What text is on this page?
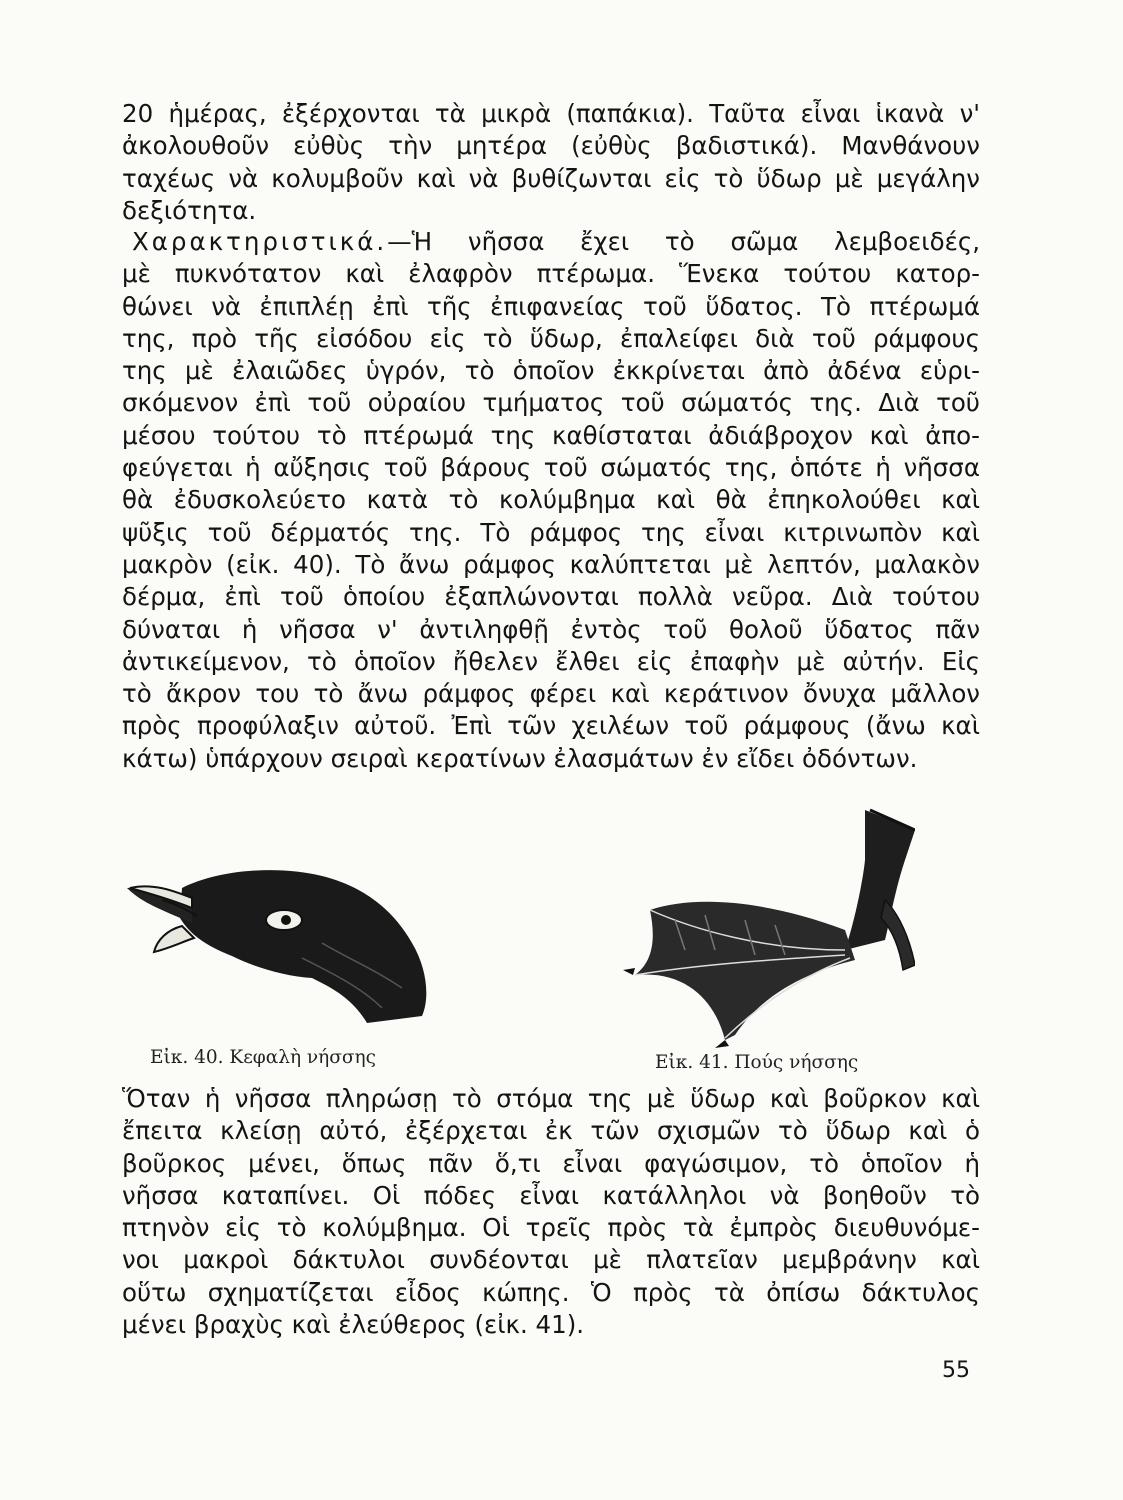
20 ἡμέρας, ἐξέρχονται τὰ μικρὰ (παπάκια). Ταῦτα εἶναι ἱκανὰ ν'
ἀκολουθοῦν εὐθὺς τὴν μητέρα (εὐθὺς βαδιστικά). Μανθάνουν
ταχέως νὰ κολυμβοῦν καὶ νὰ βυθίζωνται εἰς τὸ ὕδωρ μὲ μεγάλην
δεξιότητα.
Χαρακτηριστικά.—Ἡ νῆσσα ἔχει τὸ σῶμα λεμβοειδές,
μὲ πυκνότατον καὶ ἐλαφρὸν πτέρωμα. Ἕνεκα τούτου κατορ-
θώνει νὰ ἐπιπλέῃ ἐπὶ τῆς ἐπιφανείας τοῦ ὕδατος. Τὸ πτέρωμά
της, πρὸ τῆς εἰσόδου εἰς τὸ ὕδωρ, ἐπαλείφει διὰ τοῦ ράμφους
της μὲ ἐλαιῶδες ὑγρόν, τὸ ὁποῖον ἐκκρίνεται ἀπὸ ἀδένα εὑρι-
σκόμενον ἐπὶ τοῦ οὐραίου τμήματος τοῦ σώματός της. Διὰ τοῦ
μέσου τούτου τὸ πτέρωμά της καθίσταται ἀδιάβροχον καὶ ἀπο-
φεύγεται ἡ αὔξησις τοῦ βάρους τοῦ σώματός της, ὁπότε ἡ νῆσσα
θὰ ἐδυσκολεύετο κατὰ τὸ κολύμβημα καὶ θὰ ἐπηκολούθει καὶ
ψῦξις τοῦ δέρματός της. Τὸ ράμφος της εἶναι κιτρινωπὸν καὶ
μακρὸν (εἰκ. 40). Τὸ ἄνω ράμφος καλύπτεται μὲ λεπτόν, μαλακὸν
δέρμα, ἐπὶ τοῦ ὁποίου ἐξαπλώνονται πολλὰ νεῦρα. Διὰ τούτου
δύναται ἡ νῆσσα ν' ἀντιληφθῇ ἐντὸς τοῦ θολοῦ ὕδατος πᾶν
ἀντικείμενον, τὸ ὁποῖον ἤθελεν ἔλθει εἰς ἐπαφὴν μὲ αὐτήν. Εἰς
τὸ ἄκρον του τὸ ἄνω ράμφος φέρει καὶ κεράτινον ὄνυχα μᾶλλον
πρὸς προφύλαξιν αὐτοῦ. Ἐπὶ τῶν χειλέων τοῦ ράμφους (ἄνω καὶ
κάτω) ὑπάρχουν σειραὶ κερατίνων ἐλασμάτων ἐν εἴδει ὀδόντων.
Εἰκ. 40. Κεφαλὴ νήσσης	Εἰκ. 41. Πούς νήσσης
Ὅταν ἡ νῆσσα πληρώσῃ τὸ στόμα της μὲ ὕδωρ καὶ βοῦρκον καὶ
ἔπειτα κλείσῃ αὐτό, ἐξέρχεται ἐκ τῶν σχισμῶν τὸ ὕδωρ καὶ ὁ
βοῦρκος μένει, ὅπως πᾶν ὅ,τι εἶναι φαγώσιμον, τὸ ὁποῖον ἡ
νῆσσα καταπίνει. Οἱ πόδες εἶναι κατάλληλοι νὰ βοηθοῦν τὸ
πτηνὸν εἰς τὸ κολύμβημα. Οἱ τρεῖς πρὸς τὰ ἐμπρὸς διευθυνόμε-
νοι μακροὶ δάκτυλοι συνδέονται μὲ πλατεῖαν μεμβράνην καὶ
οὕτω σχηματίζεται εἶδος κώπης. Ὁ πρὸς τὰ ὀπίσω δάκτυλος
μένει βραχὺς καὶ ἐλεύθερος (εἰκ. 41).
55
